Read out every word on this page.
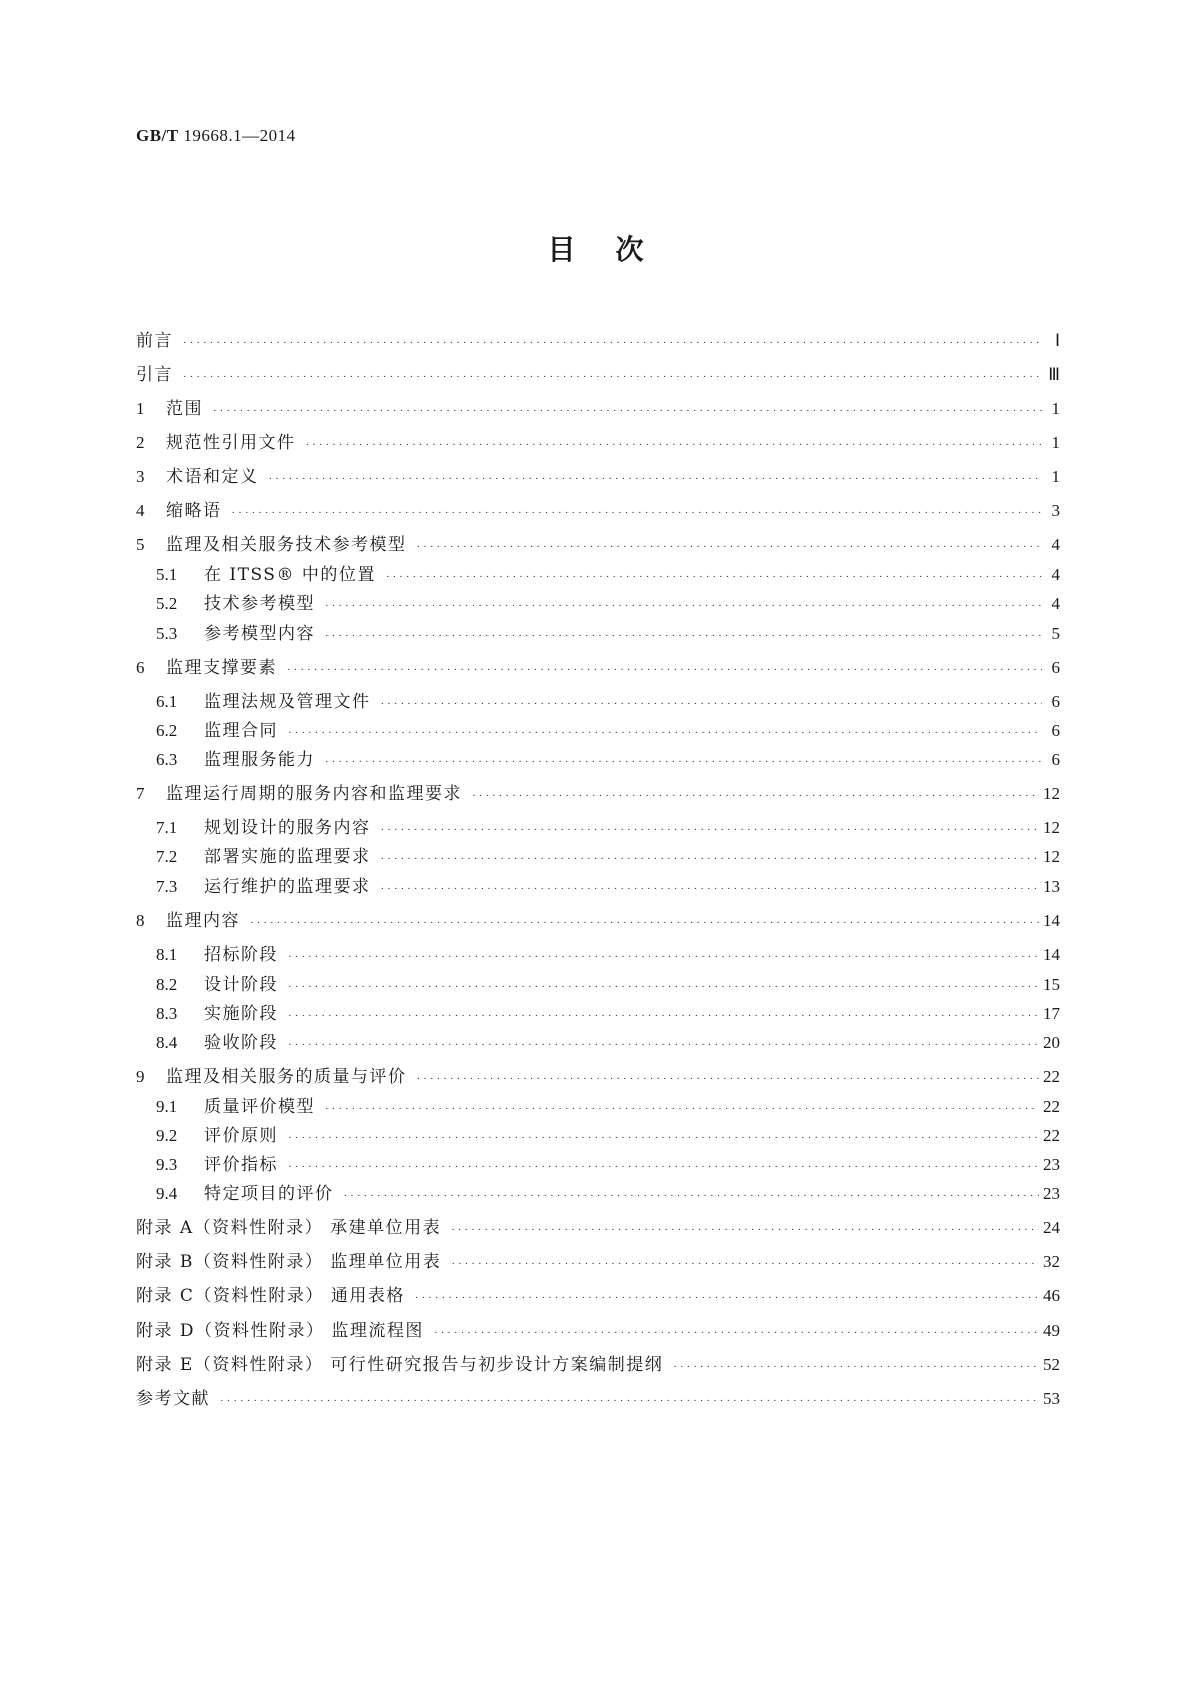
GB/T 19668.1—2014
目次
前言 ·····	Ⅰ
引言 ·····	Ⅲ
1	范围 ·····	1
2	规范性引用文件 ·····	1
3	术语和定义 ·····	1
4	缩略语 ·····	3
5	监理及相关服务技术参考模型 ·····	4
5.1	在 ITSS® 中的位置 ·····	4
5.2	技术参考模型 ·····	4
5.3	参考模型内容 ·····	5
6	监理支撑要素 ·····	6
6.1	监理法规及管理文件 ·····	6
6.2	监理合同 ·····	6
6.3	监理服务能力 ·····	6
7	监理运行周期的服务内容和监理要求 ·····	12
7.1	规划设计的服务内容 ·····	12
7.2	部署实施的监理要求 ·····	12
7.3	运行维护的监理要求 ·····	13
8	监理内容 ·····	14
8.1	招标阶段 ·····	14
8.2	设计阶段 ·····	15
8.3	实施阶段 ·····	17
8.4	验收阶段 ·····	20
9	监理及相关服务的质量与评价 ·····	22
9.1	质量评价模型 ·····	22
9.2	评价原则 ·····	22
9.3	评价指标 ·····	23
9.4	特定项目的评价 ·····	23
附录 A（资料性附录） 承建单位用表 ·····	24
附录 B（资料性附录） 监理单位用表 ·····	32
附录 C（资料性附录） 通用表格 ·····	46
附录 D（资料性附录） 监理流程图 ·····	49
附录 E（资料性附录） 可行性研究报告与初步设计方案编制提纲 ·····	52
参考文献 ·····	53
